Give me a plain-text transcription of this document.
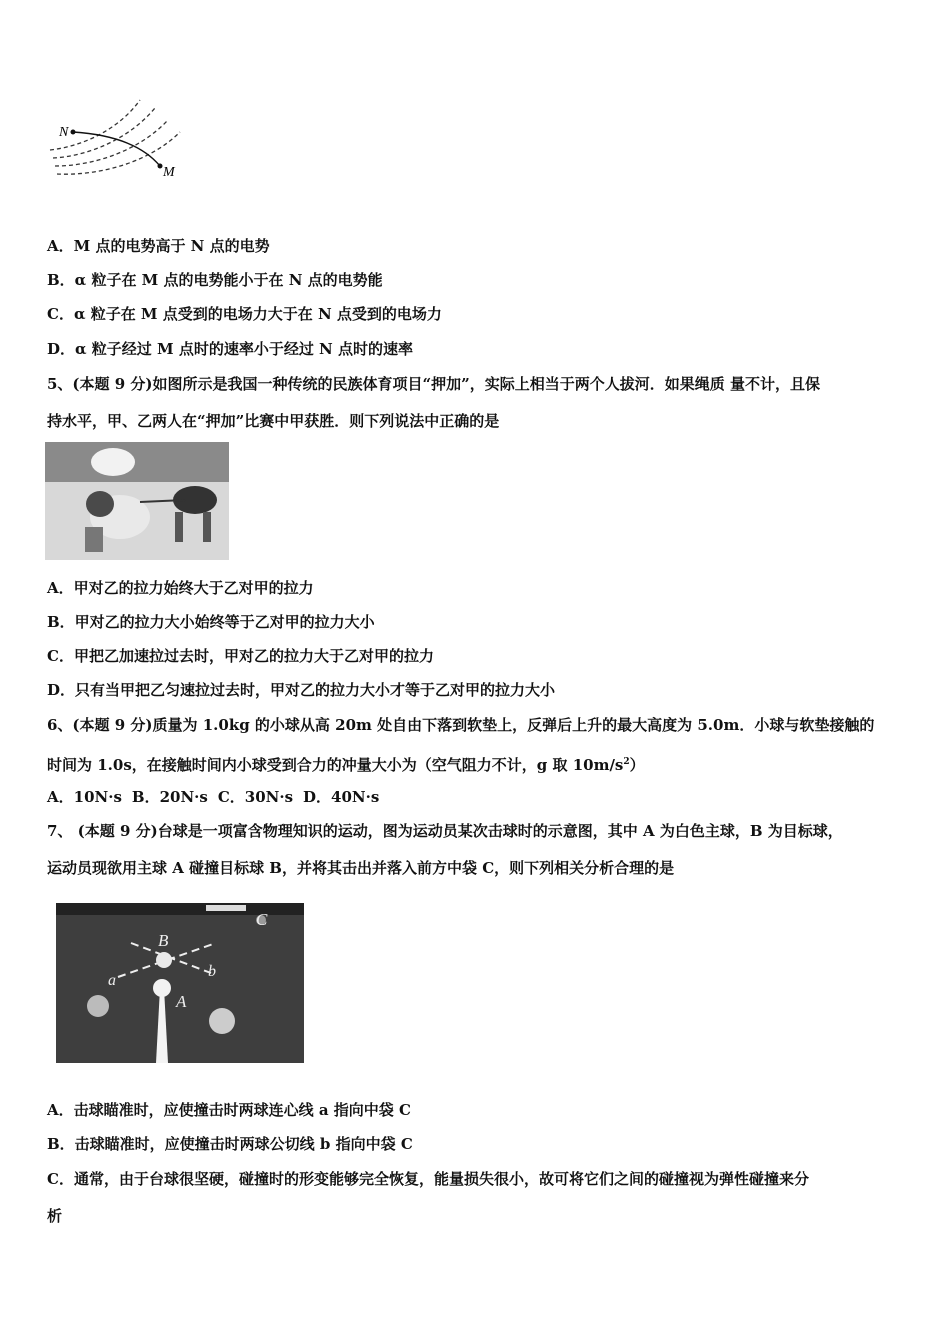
N
M
A．M 点的电势高于 N 点的电势
B．α 粒子在 M 点的电势能小于在 N 点的电势能
C．α 粒子在 M 点受到的电场力大于在 N 点受到的电场力
D．α 粒子经过 M 点时的速率小于经过 N 点时的速率
5、(本题 9 分)如图所示是我国一种传统的民族体育项目“押加”，实际上相当于两个人拔河．如果绳质 量不计，且保
持水平，甲、乙两人在“押加”比赛中甲获胜．则下列说法中正确的是
A．甲对乙的拉力始终大于乙对甲的拉力
B．甲对乙的拉力大小始终等于乙对甲的拉力大小
C．甲把乙加速拉过去时，甲对乙的拉力大于乙对甲的拉力
D．只有当甲把乙匀速拉过去时，甲对乙的拉力大小才等于乙对甲的拉力大小
6、(本题 9 分)质量为 1.0kg 的小球从高 20m 处自由下落到软垫上，反弹后上升的最大高度为 5.0m．小球与软垫接触的
时间为 1.0s，在接触时间内小球受到合力的冲量大小为（空气阻力不计，g 取 $10m/s^2$）
A．10N·s B．20N·s C．30N·s D．40N·s
7、 (本题 9 分)台球是一项富含物理知识的运动，图为运动员某次击球时的示意图，其中 A 为白色主球，B 为目标球，
运动员现欲用主球 A 碰撞目标球 B，并将其击出并落入前方中袋 C，则下列相关分析合理的是
B
A
C
a
b
A．击球瞄准时，应使撞击时两球连心线 a 指向中袋 C
B．击球瞄准时，应使撞击时两球公切线 b 指向中袋 C
C．通常，由于台球很坚硬，碰撞时的形变能够完全恢复，能量损失很小，故可将它们之间的碰撞视为弹性碰撞来分
析
